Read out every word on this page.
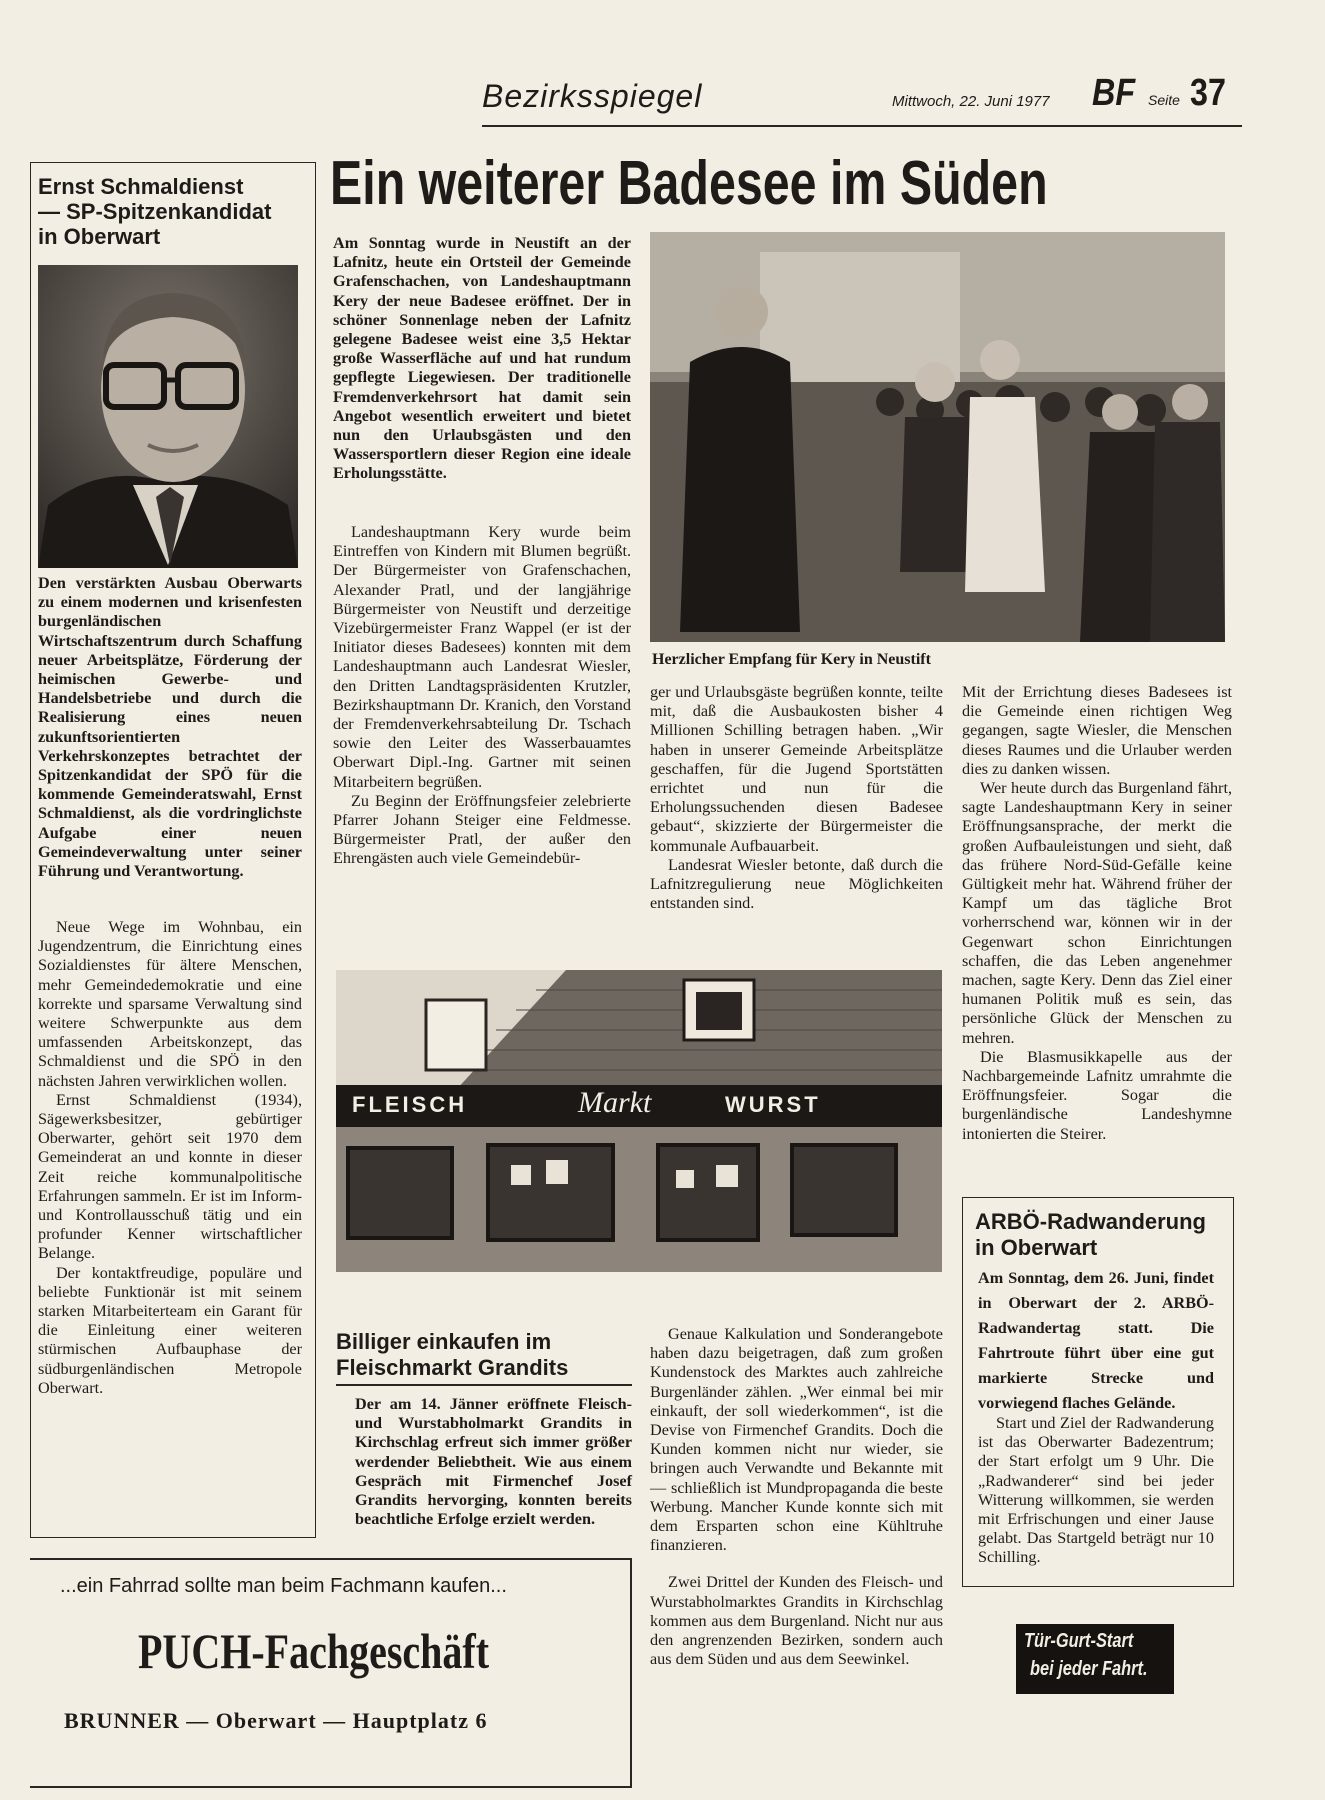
Bezirksspiegel	Mittwoch, 22. Juni 1977 BF Seite 37
Ernst Schmaldienst
— SP-Spitzenkandidat
in Oberwart
Den verstärkten Ausbau Oberwarts zu einem modernen und krisenfesten burgenländischen Wirtschaftszentrum durch Schaffung neuer Arbeitsplätze, Förderung der heimischen Gewerbe- und Handelsbetriebe und durch die Realisierung eines neuen zukunftsorientierten Verkehrskonzeptes betrachtet der Spitzenkandidat der SPÖ für die kommende Gemeinderatswahl, Ernst Schmaldienst, als die vordringlichste Aufgabe einer neuen Gemeindeverwaltung unter seiner Führung und Verantwortung.

Neue Wege im Wohnbau, ein Jugendzentrum, die Einrichtung eines Sozialdienstes für ältere Menschen, mehr Gemeindedemokratie und eine korrekte und sparsame Verwaltung sind weitere Schwerpunkte aus dem umfassenden Arbeitskonzept, das Schmaldienst und die SPÖ in den nächsten Jahren verwirklichen wollen.

Ernst Schmaldienst (1934), Sägewerksbesitzer, gebürtiger Oberwarter, gehört seit 1970 dem Gemeinderat an und konnte in dieser Zeit reiche kommunalpolitische Erfahrungen sammeln. Er ist im Inform- und Kontrollausschuß tätig und ein profunder Kenner wirtschaftlicher Belange.

Der kontaktfreudige, populäre und beliebte Funktionär ist mit seinem starken Mitarbeiterteam ein Garant für die Einleitung einer weiteren stürmischen Aufbauphase der südburgenländischen Metropole Oberwart.

Ein weiterer Badesee im Süden
Am Sonntag wurde in Neustift an der Lafnitz, heute ein Ortsteil der Gemeinde Grafenschachen, von Landeshauptmann Kery der neue Badesee eröffnet. Der in schöner Sonnenlage neben der Lafnitz gelegene Badesee weist eine 3,5 Hektar große Wasserfläche auf und hat rundum gepflegte Liegewiesen. Der traditionelle Fremdenverkehrsort hat damit sein Angebot wesentlich erweitert und bietet nun den Urlaubsgästen und den Wassersportlern dieser Region eine ideale Erholungsstätte.

Landeshauptmann Kery wurde beim Eintreffen von Kindern mit Blumen begrüßt. Der Bürgermeister von Grafenschachen, Alexander Pratl, und der langjährige Bürgermeister von Neustift und derzeitige Vizebürgermeister Franz Wappel (er ist der Initiator dieses Badesees) konnten mit dem Landeshauptmann auch Landesrat Wiesler, den Dritten Landtagspräsidenten Krutzler, Bezirkshauptmann Dr. Kranich, den Vorstand der Fremdenverkehrsabteilung Dr. Tschach sowie den Leiter des Wasserbauamtes Oberwart Dipl.-Ing. Gartner mit seinen Mitarbeitern begrüßen.

Zu Beginn der Eröffnungsfeier zelebrierte Pfarrer Johann Steiger eine Feldmesse. Bürgermeister Pratl, der außer den Ehrengästen auch viele Gemeindebür-

Herzlicher Empfang für Kery in Neustift

ger und Urlaubsgäste begrüßen konnte, teilte mit, daß die Ausbaukosten bisher 4 Millionen Schilling betragen haben. „Wir haben in unserer Gemeinde Arbeitsplätze geschaffen, für die Jugend Sportstätten errichtet und nun für die Erholungssuchenden diesen Badesee gebaut“, skizzierte der Bürgermeister die kommunale Aufbauarbeit.

Landesrat Wiesler betonte, daß durch die Lafnitzregulierung neue Möglichkeiten entstanden sind.

Mit der Errichtung dieses Badesees ist die Gemeinde einen richtigen Weg gegangen, sagte Wiesler, die Menschen dieses Raumes und die Urlauber werden dies zu danken wissen.

Wer heute durch das Burgenland fährt, sagte Landeshauptmann Kery in seiner Eröffnungsansprache, der merkt die großen Aufbauleistungen und sieht, daß das frühere Nord-Süd-Gefälle keine Gültigkeit mehr hat. Während früher der Kampf um das tägliche Brot vorherrschend war, können wir in der Gegenwart schon Einrichtungen schaffen, die das Leben angenehmer machen, sagte Kery. Denn das Ziel einer humanen Politik muß es sein, das persönliche Glück der Menschen zu mehren.

Die Blasmusikkapelle aus der Nachbargemeinde Lafnitz umrahmte die Eröffnungsfeier. Sogar die burgenländische Landeshymne intonierten die Steirer.

FLEISCH	Markt	WURST
Billiger einkaufen im
Fleischmarkt Grandits
Der am 14. Jänner eröffnete Fleisch- und Wurstabholmarkt Grandits in Kirchschlag erfreut sich immer größer werdender Beliebtheit. Wie aus einem Gespräch mit Firmenchef Josef Grandits hervorging, konnten bereits beachtliche Erfolge erzielt werden.

Genaue Kalkulation und Sonderangebote haben dazu beigetragen, daß zum großen Kundenstock des Marktes auch zahlreiche Burgenländer zählen. „Wer einmal bei mir einkauft, der soll wiederkommen“, ist die Devise von Firmenchef Grandits. Doch die Kunden kommen nicht nur wieder, sie bringen auch Verwandte und Bekannte mit — schließlich ist Mundpropaganda die beste Werbung. Mancher Kunde konnte sich mit dem Ersparten schon eine Kühltruhe finanzieren.

Zwei Drittel der Kunden des Fleisch- und Wurstabholmarktes Grandits in Kirchschlag kommen aus dem Burgenland. Nicht nur aus den angrenzenden Bezirken, sondern auch aus dem Süden und aus dem Seewinkel.

ARBÖ-Radwanderung
in Oberwart
Am Sonntag, dem 26. Juni, findet in Oberwart der 2. ARBÖ-Radwandertag statt. Die Fahrtroute führt über eine gut markierte Strecke und vorwiegend flaches Gelände.

Start und Ziel der Radwanderung ist das Oberwarter Badezentrum; der Start erfolgt um 9 Uhr. Die „Radwanderer“ sind bei jeder Witterung willkommen, sie werden mit Erfrischungen und einer Jause gelabt. Das Startgeld beträgt nur 10 Schilling.

...ein Fahrrad sollte man beim Fachmann kaufen...
PUCH-Fachgeschäft
BRUNNER — Oberwart — Hauptplatz 6
Tür-Gurt-Start
bei jeder Fahrt.
